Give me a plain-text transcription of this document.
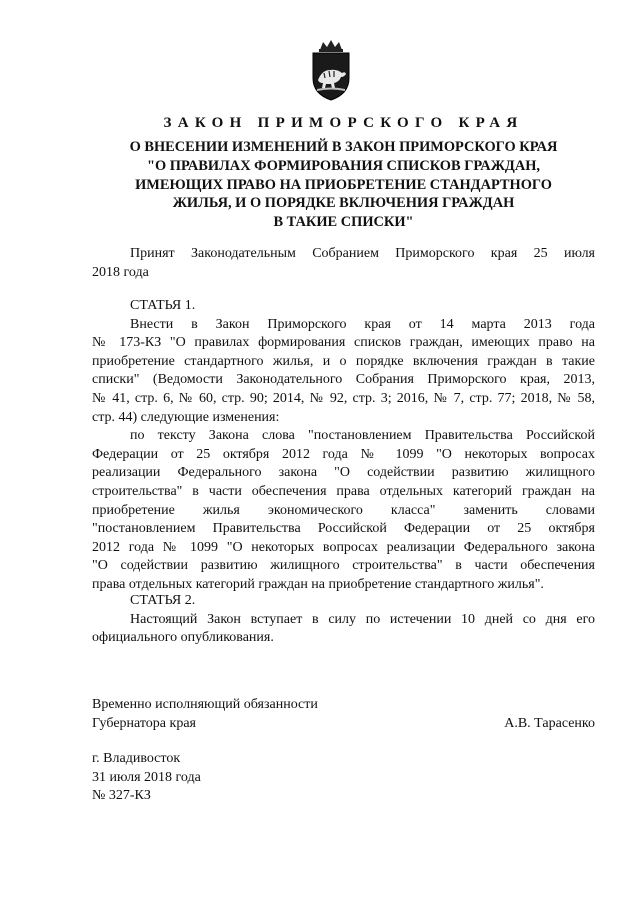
ЗАКОН ПРИМОРСКОГО КРАЯ
О ВНЕСЕНИИ ИЗМЕНЕНИЙ В ЗАКОН ПРИМОРСКОГО КРАЯ
"О ПРАВИЛАХ ФОРМИРОВАНИЯ СПИСКОВ ГРАЖДАН,
ИМЕЮЩИХ ПРАВО НА ПРИОБРЕТЕНИЕ СТАНДАРТНОГО
ЖИЛЬЯ, И О ПОРЯДКЕ ВКЛЮЧЕНИЯ ГРАЖДАН
В ТАКИЕ СПИСКИ"
Принят Законодательным Собранием Приморского края 25 июля
2018 года
СТАТЬЯ 1.
Внести в Закон Приморского края от 14 марта 2013 года
№ 173-КЗ "О правилах формирования списков граждан, имеющих право на
приобретение стандартного жилья, и о порядке включения граждан в такие
списки" (Ведомости Законодательного Собрания Приморского края, 2013,
№ 41, стр. 6, № 60, стр. 90; 2014, № 92, стр. 3; 2016, № 7, стр. 77; 2018, № 58,
стр. 44) следующие изменения:
по тексту Закона слова "постановлением Правительства Российской
Федерации от 25 октября 2012 года № 1099 "О некоторых вопросах
реализации Федерального закона "О содействии развитию жилищного
строительства" в части обеспечения права отдельных категорий граждан на
приобретение жилья экономического класса" заменить словами
"постановлением Правительства Российской Федерации от 25 октября
2012 года № 1099 "О некоторых вопросах реализации Федерального закона
"О содействии развитию жилищного строительства" в части обеспечения
права отдельных категорий граждан на приобретение стандартного жилья".
СТАТЬЯ 2.
Настоящий Закон вступает в силу по истечении 10 дней со дня его
официального опубликования.
Временно исполняющий обязанности
Губернатора края	А.В. Тарасенко
г. Владивосток
31 июля 2018 года
№ 327-КЗ
